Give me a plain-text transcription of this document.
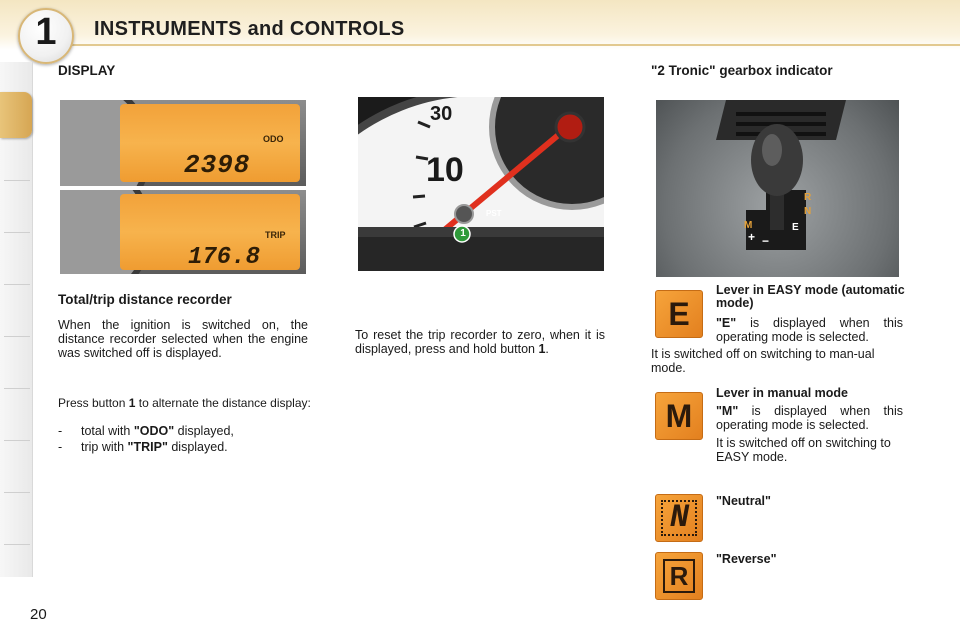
1	INSTRUMENTS and CONTROLS
DISPLAY
ODO
2398
TRIP
176.8
Total/trip distance recorder
When the ignition is switched on, the distance recorder selected when the engine was switched off is displayed.
Press button 1 to alternate the distance display:
- total with "ODO" displayed,
- trip with "TRIP" displayed.
30
10
1
PST
To reset the trip recorder to zero, when it is displayed, press and hold button 1.
"2 Tronic" gearbox indicator
R
N
M	E
+ −
E
Lever in EASY mode (automatic mode)
"E" is displayed when this operating mode is selected.
It is switched off on switching to man-ual mode.
M
Lever in manual mode
"M" is displayed when this operating mode is selected.
It is switched off on switching to EASY mode.
N	"Neutral"
R
"Reverse"
20
